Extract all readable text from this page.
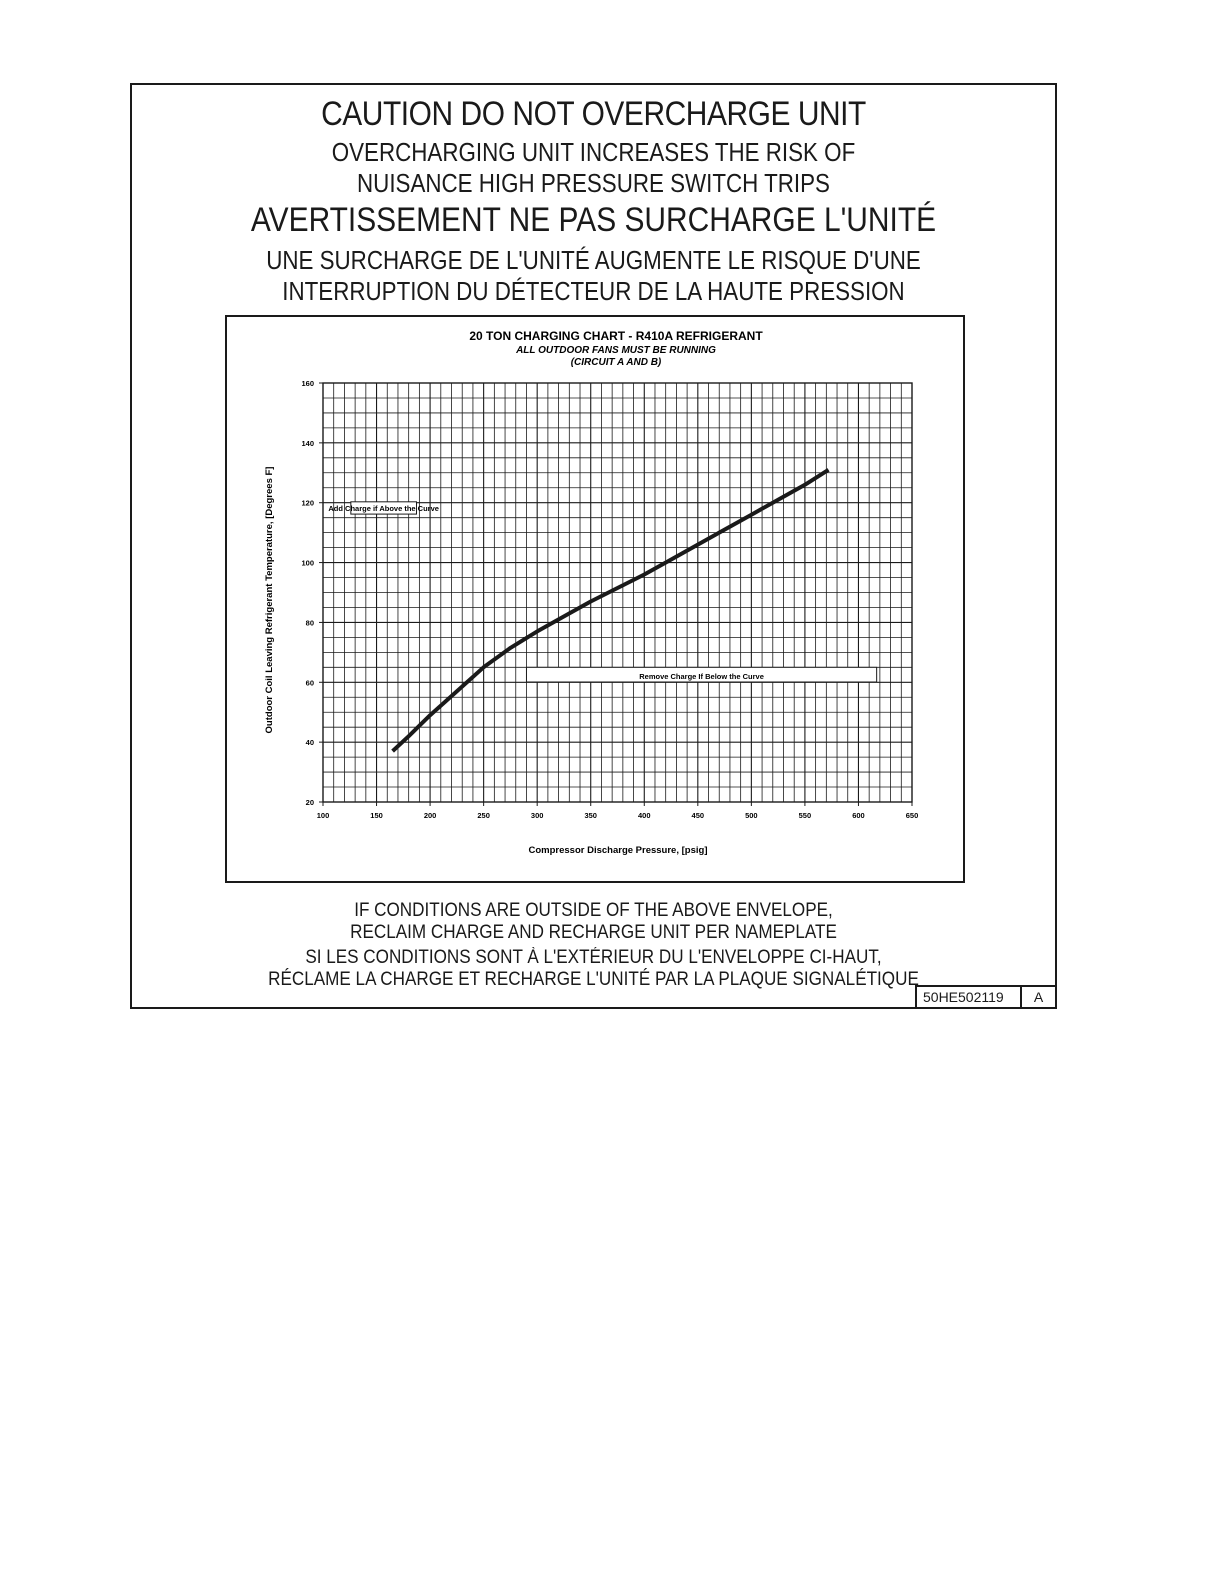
CAUTION DO NOT OVERCHARGE UNIT
OVERCHARGING UNIT INCREASES THE RISK OF
NUISANCE HIGH PRESSURE SWITCH TRIPS
AVERTISSEMENT NE PAS SURCHARGE L'UNITÉ
UNE SURCHARGE DE L'UNITÉ AUGMENTE LE RISQUE D'UNE
INTERRUPTION DU DÉTECTEUR DE LA HAUTE PRESSION
20 TON CHARGING CHART - R410A REFRIGERANT
ALL OUTDOOR FANS MUST BE RUNNING
(CIRCUIT A AND B)
100	150	200	250	300	350	400	450	500	550	600	650
20
40
60
80
100
120
140
160
Add Charge if Above the Curve
Remove Charge If Below the Curve
Compressor Discharge Pressure, [psig]
Outdoor Coil Leaving Refrigerant Temperature, [Degrees F]
IF CONDITIONS ARE OUTSIDE OF THE ABOVE ENVELOPE,
RECLAIM CHARGE AND RECHARGE UNIT PER NAMEPLATE
SI LES CONDITIONS SONT À L'EXTÉRIEUR DU L'ENVELOPPE CI-HAUT,
RÉCLAME LA CHARGE ET RECHARGE L'UNITÉ PAR LA PLAQUE SIGNALÉTIQUE
50HE502119	A
